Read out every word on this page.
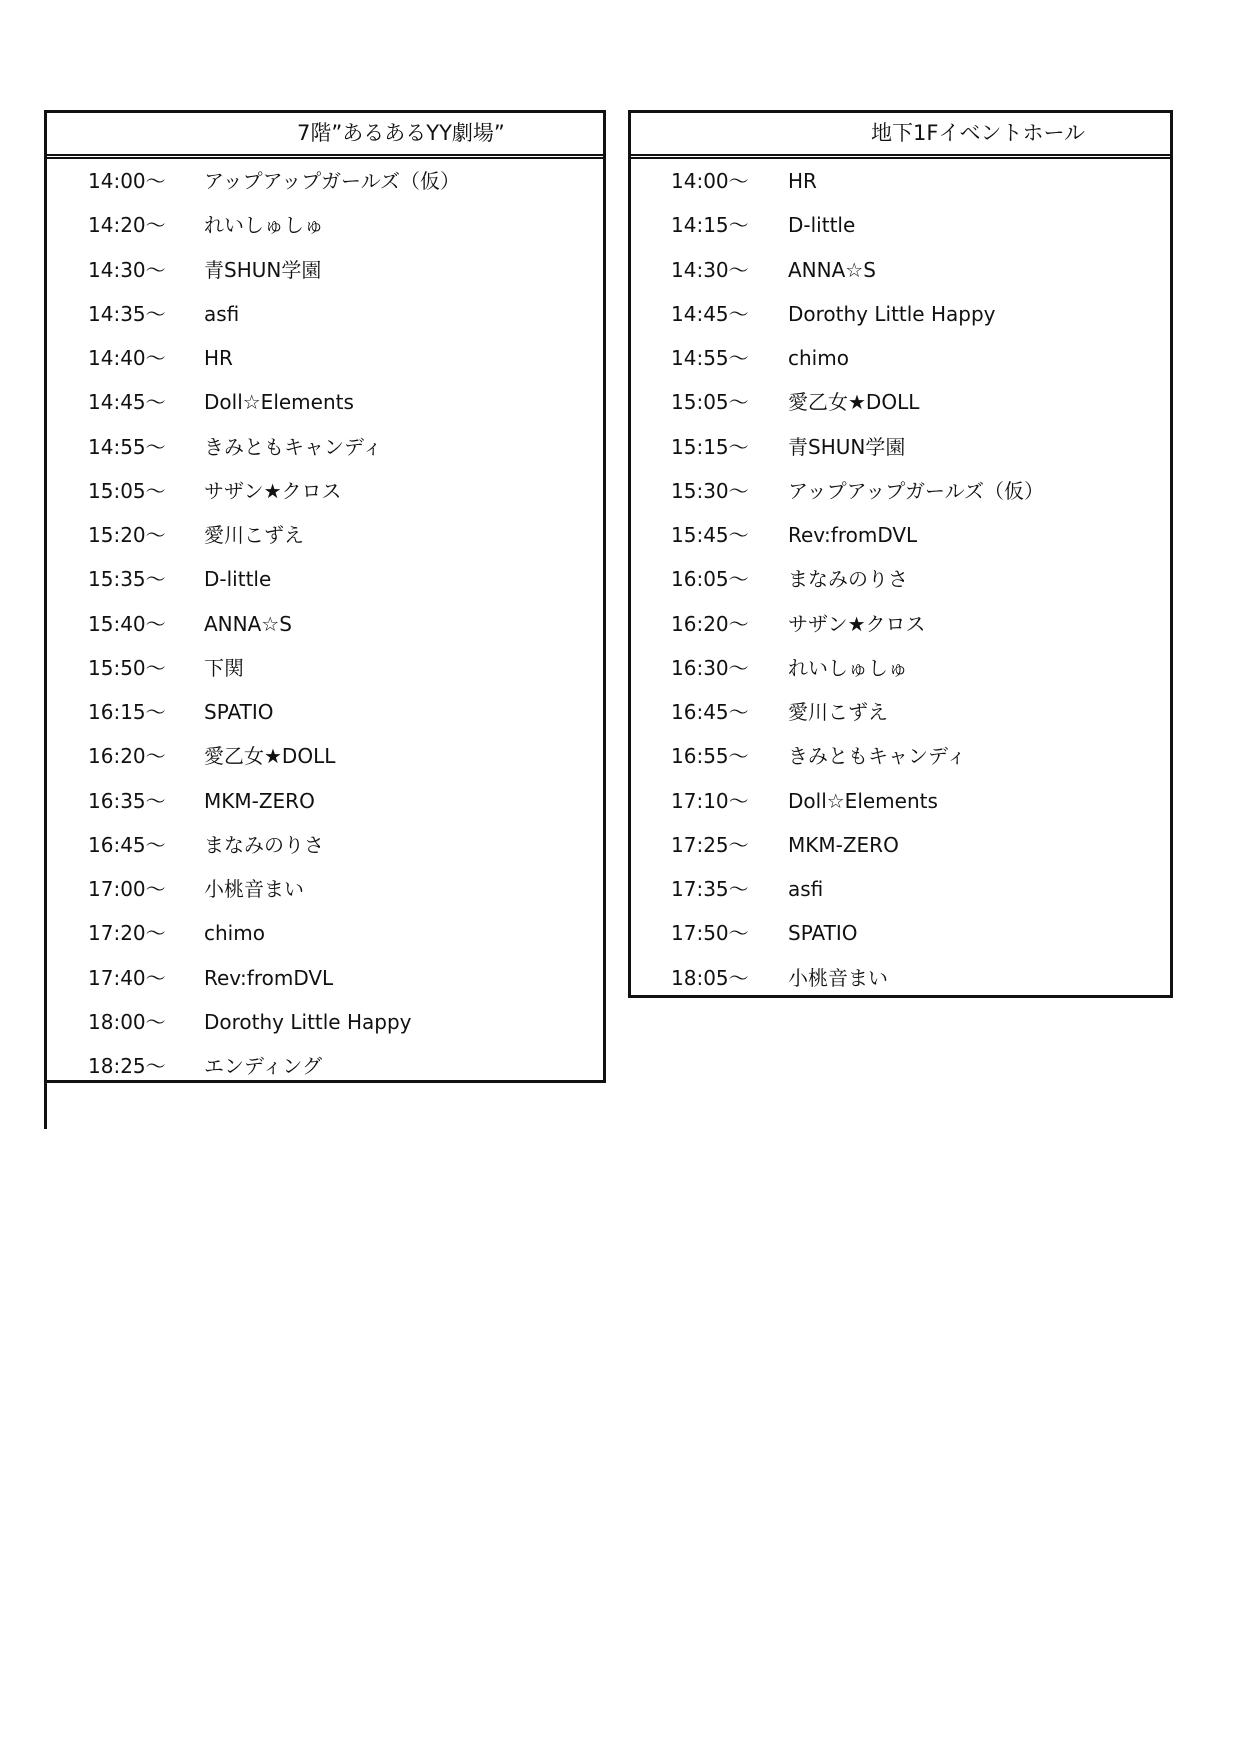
7階”あるあるYY劇場”
14:00～ アップアップガールズ（仮）
14:20～ れいしゅしゅ
14:30～ 青SHUN学園
14:35～ asfi
14:40～ HR
14:45～ Doll☆Elements
14:55～ きみともキャンディ
15:05～ サザン★クロス
15:20～ 愛川こずえ
15:35～ D-little
15:40～ ANNA☆S
15:50～ 下関
16:15～ SPATIO
16:20～ 愛乙女★DOLL
16:35～ MKM-ZERO
16:45～ まなみのりさ
17:00～ 小桃音まい
17:20～ chimo
17:40～ Rev:fromDVL
18:00～ Dorothy Little Happy
18:25～ エンディング
地下1Fイベントホール
14:00～ HR
14:15～ D-little
14:30～ ANNA☆S
14:45～ Dorothy Little Happy
14:55～ chimo
15:05～ 愛乙女★DOLL
15:15～ 青SHUN学園
15:30～ アップアップガールズ（仮）
15:45～ Rev:fromDVL
16:05～ まなみのりさ
16:20～ サザン★クロス
16:30～ れいしゅしゅ
16:45～ 愛川こずえ
16:55～ きみともキャンディ
17:10～ Doll☆Elements
17:25～ MKM-ZERO
17:35～ asfi
17:50～ SPATIO
18:05～ 小桃音まい
